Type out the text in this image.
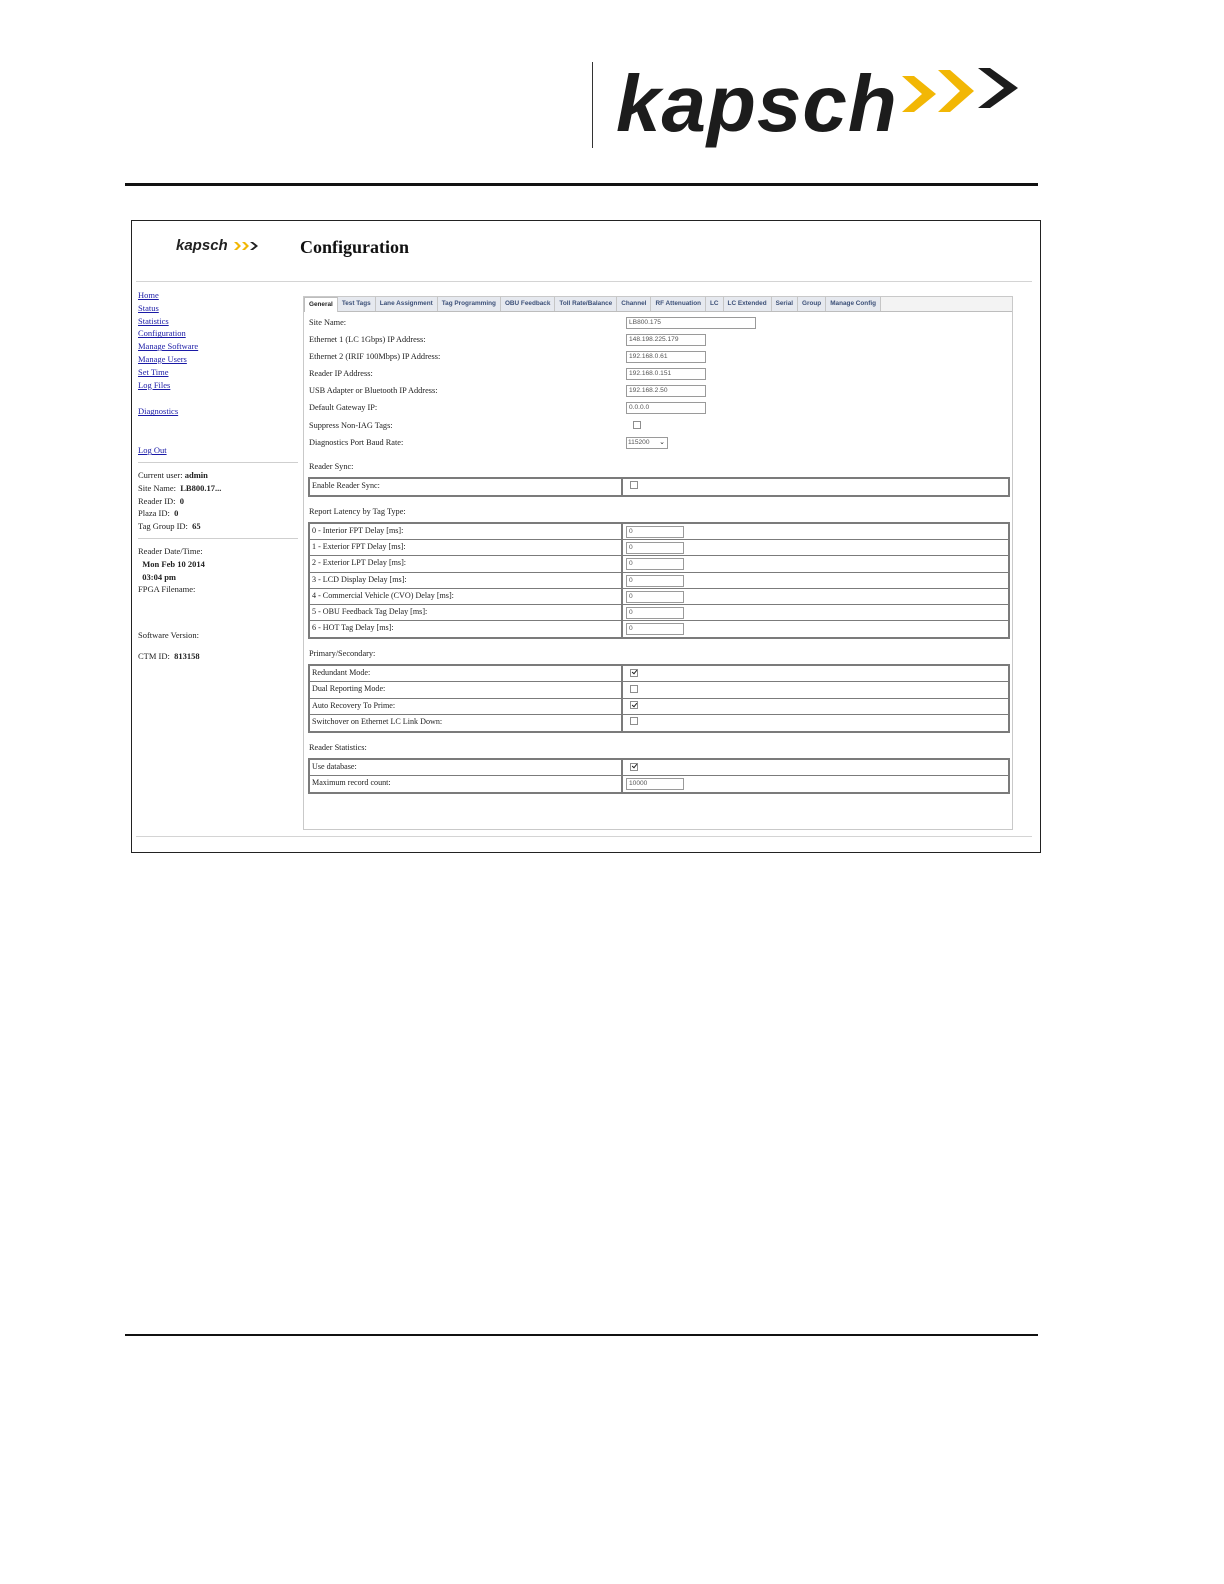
kapsch
kapsch	Configuration
Home
Status
Statistics
Configuration
Manage Software
Manage Users
Set Time
Log Files
Diagnostics
Log Out
Current user: admin
Site Name: LB800.17...
Reader ID: 0
Plaza ID: 0
Tag Group ID: 65
Reader Date/Time:
Mon Feb 10 2014
03:04 pm
FPGA Filename:
Software Version:
CTM ID: 813158
General	Test Tags	Lane Assignment	Tag Programming	OBU Feedback	Toll Rate/Balance	Channel	RF Attenuation	LC	LC Extended	Serial	Group	Manage Config
Site Name:	LB800.175
Ethernet 1 (LC 1Gbps) IP Address:	148.198.225.179
Ethernet 2 (IRIF 100Mbps) IP Address:	192.168.0.61
Reader IP Address:	192.168.0.151
USB Adapter or Bluetooth IP Address:	192.168.2.50
Default Gateway IP:	0.0.0.0
Suppress Non-IAG Tags:
Diagnostics Port Baud Rate:	115200 ⌄
Reader Sync:
Enable Reader Sync:
Report Latency by Tag Type:
0 - Interior FPT Delay [ms]:	0
1 - Exterior FPT Delay [ms]:	0
2 - Exterior LPT Delay [ms]:	0
3 - LCD Display Delay [ms]:	0
4 - Commercial Vehicle (CVO) Delay [ms]:	0
5 - OBU Feedback Tag Delay [ms]:	0
6 - HOT Tag Delay [ms]:	0
Primary/Secondary:
Redundant Mode:
Dual Reporting Mode:
Auto Recovery To Prime:
Switchover on Ethernet LC Link Down:
Reader Statistics:
Use database:
Maximum record count:	10000
